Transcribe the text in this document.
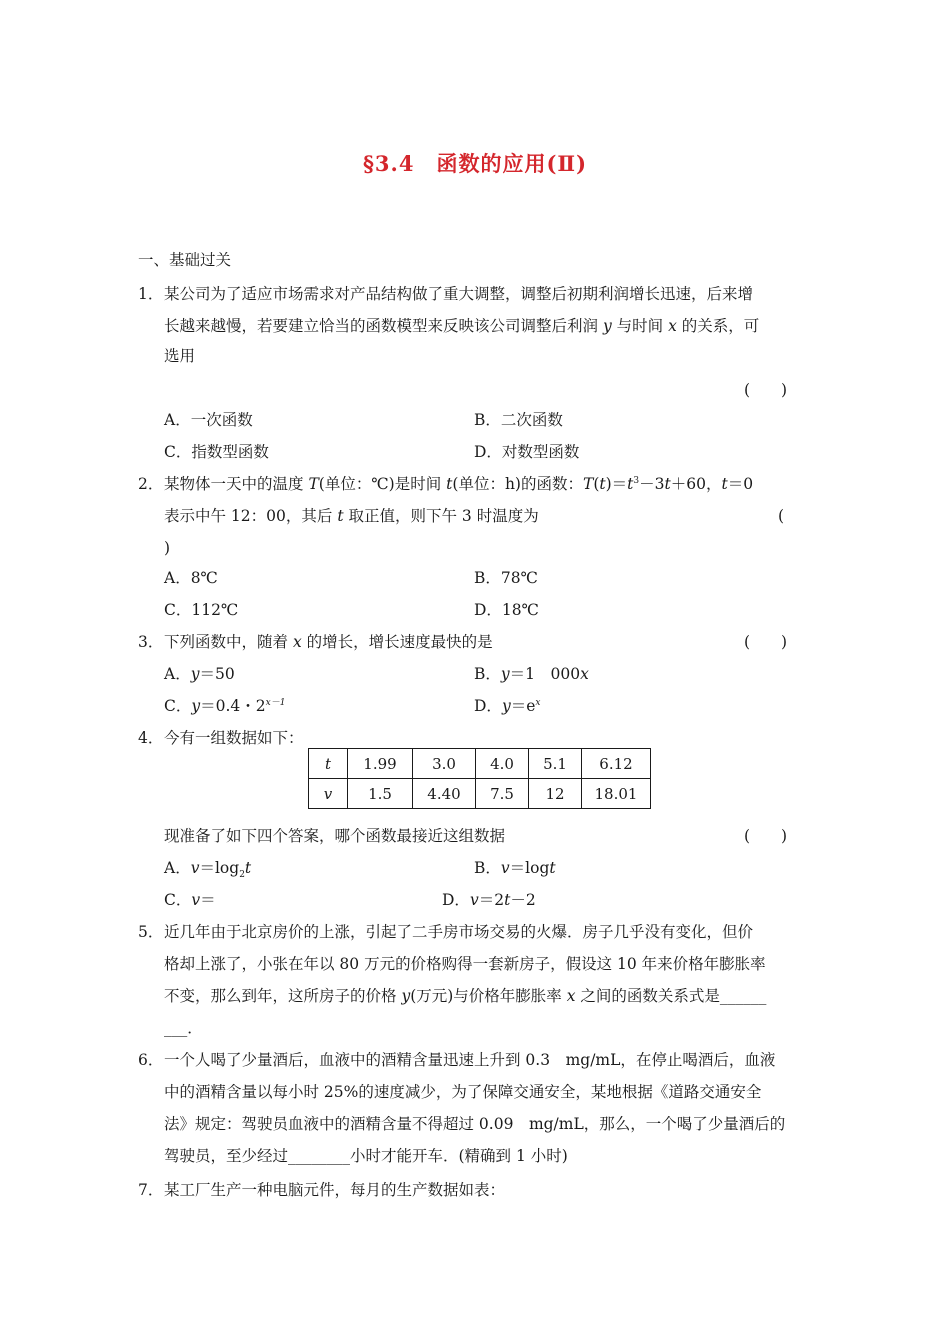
§3.4　函数的应用(Ⅱ)
一、基础过关
1．某公司为了适应市场需求对产品结构做了重大调整，调整后初期利润增长迅速，后来增
长越来越慢，若要建立恰当的函数模型来反映该公司调整后利润 y 与时间 x 的关系，可
选用
(　　)
A．一次函数	B．二次函数
C．指数型函数	D．对数型函数
2．某物体一天中的温度 T(单位：℃)是时间 t(单位：h)的函数：$T(t)=t^3-3t+60$，t＝0
表示中午 12：00，其后 t 取正值，则下午 3 时温度为	(
)
A．8℃	B．78℃
C．112℃	D．18℃
3．下列函数中，随着 x 的增长，增长速度最快的是	(　　)
A．y＝50	B．y＝1　000x
C．y＝0.4・$2^{x-1}$	D．$y=e^x$
4．今有一组数据如下：
t	1.99	3.0	4.0	5.1	6.12
v	1.5	4.40	7.5	12	18.01
现准备了如下四个答案，哪个函数最接近这组数据	(　　)
A．$v=\log_2t$	B．v＝logt
C．v＝	D．v＝2t－2
5．近几年由于北京房价的上涨，引起了二手房市场交易的火爆．房子几乎没有变化，但价
格却上涨了，小张在年以 80 万元的价格购得一套新房子，假设这 10 年来价格年膨胀率
不变，那么到年，这所房子的价格 y(万元)与价格年膨胀率 x 之间的函数关系式是______
___．
6．一个人喝了少量酒后，血液中的酒精含量迅速上升到 0.3　mg/mL，在停止喝酒后，血液
中的酒精含量以每小时 25%的速度减少，为了保障交通安全，某地根据《道路交通安全
法》规定：驾驶员血液中的酒精含量不得超过 0.09　mg/mL，那么，一个喝了少量酒后的
驾驶员，至少经过________小时才能开车．(精确到 1 小时)
7．某工厂生产一种电脑元件，每月的生产数据如表：
